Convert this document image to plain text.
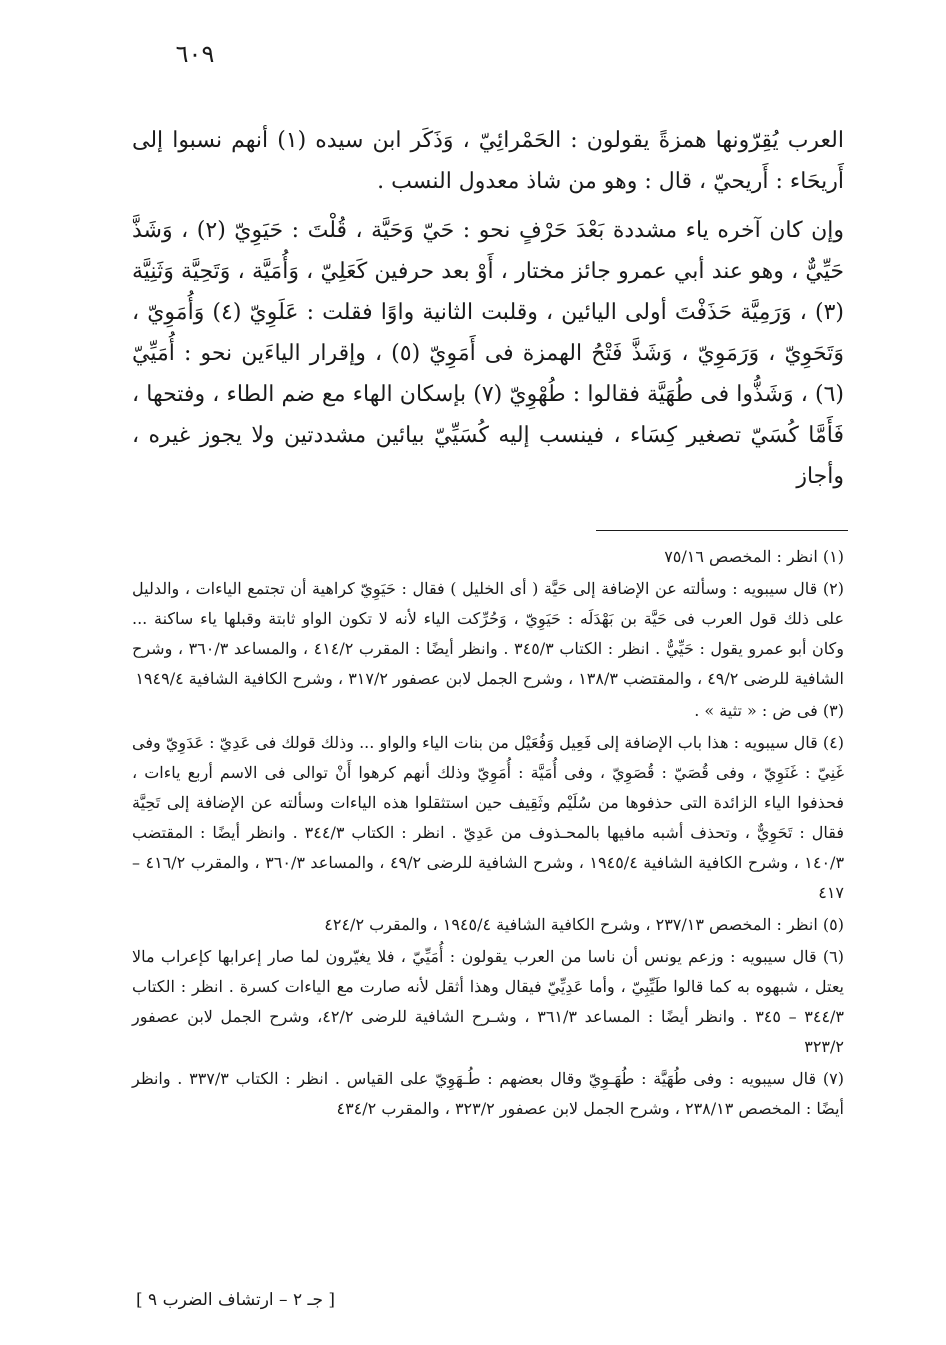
٦٠٩

العرب يُقِرّونها همزةً يقولون : الحَمْرائِيّ ، وَذَكَر ابن سيده (١) أنهم نسبوا إلى أَريحَاء : أَريحيّ ، قال : وهو من شاذ معدول النسب .

وإن كان آخره ياء مشددة بَعْدَ حَرْفٍ نحو : حَيّ وَحَيَّة ، قُلْتَ : حَيَوِيّ (٢) ، وَشَذَّ حَيِّيٌّ ، وهو عند أبي عمرو جائز مختار ، أَوْ بعد حرفين كَعَلِيّ ، وَأُمَيَّة ، وَتَحِيَّة وَثَنِيَّة (٣) ، وَرَمِيَّة حَذَفْتَ أولى اليائين ، وقلبت الثانية واوًا فقلت : عَلَوِيّ (٤) وَأُمَوِيّ ، وَتَحَوِيّ ، وَرَمَوِيّ ، وَشَذَّ فَتْحُ الهمزة فى أَمَوِيّ (٥) ، وإقرار الياءَين نحو : أُمَيِّيّ (٦) ، وَشَذُّوا فى طُهَيَّة فقالوا : طُهْوِيّ (٧) بإسكان الهاء مع ضم الطاء ، وفتحها ، فَأَمَّا كُسَيّ تصغير كِسَاء ، فينسب إليه كُسَيِّيّ بيائين مشددتين ولا يجوز غيره ، وأجاز

(١) انظر : المخصص ٧٥/١٦

(٢) قال سيبويه : وسألته عن الإضافة إلى حَيَّة ( أى الخليل ) فقال : حَيَوِيّ كراهية أن تجتمع الياءات ، والدليل على ذلك قول العرب فى حَيَّة بن بَهْدَلَه : حَيَوِيّ ، وَحُرِّكت الياء لأنه لا تكون الواو ثابتة وقبلها ياء ساكنة ... وكان أبو عمرو يقول : حَيِّيٌّ . انظر : الكتاب ٣٤٥/٣ . وانظر أيضًا : المقرب ٤١٤/٢ ، والمساعد ٣٦٠/٣ ، وشرح الشافية للرضى ٤٩/٢ ، والمقتضب ١٣٨/٣ ، وشرح الجمل لابن عصفور ٣١٧/٢ ، وشرح الكافية الشافية ١٩٤٩/٤

(٣) فى ض : « تثية » .

(٤) قال سيبويه : هذا باب الإضافة إلى فَعِيل وَفُعَيْل من بنات الياء والواو ... وذلك قولك فى عَدِيّ : عَدَوِيّ وفى غَنِيّ : غَنَوِيّ ، وفى قُصَيّ : قُصَوِيّ ، وفى أُمَيَّة : أُمَوِيّ وذلك أنهم كرهوا أَنْ توالى فى الاسم أربع ياءات ، فحذفوا الياء الزائدة التى حذفوها من سُلَيْم وثَقِيف حين استثقلوا هذه الياءات وسألته عن الإضافة إلى تَحِيَّة فقال : تَحَوِيٌّ ، وتحذف أشبه مافيها بالمحـذوف من عَدِيّ . انظر : الكتاب ٣٤٤/٣ . وانظر أيضًا : المقتضب ١٤٠/٣ ، وشرح الكافية الشافية ١٩٤٥/٤ ، وشرح الشافية للرضى ٤٩/٢ ، والمساعد ٣٦٠/٣ ، والمقرب ٤١٦/٢ – ٤١٧

(٥) انظر : المخصص ٢٣٧/١٣ ، وشرح الكافية الشافية ١٩٤٥/٤ ، والمقرب ٤٢٤/٢

(٦) قال سيبويه : وزعم يونس أن ناسا من العرب يقولون : أُمَيِّيّ ، فلا يغيّرون لما صار إعرابها كإعراب مالا يعتل ، شبهوه به كما قالوا طَيِّبِيّ ، وأما عَدِيِّيّ فيقال وهذا أثقل لأنه صارت مع الياءات كسرة . انظر : الكتاب ٣٤٤/٣ – ٣٤٥ . وانظر أيضًا : المساعد ٣٦١/٣ ، وشـرح الشافية للرضى ٤٢/٢، وشرح الجمل لابن عصفور ٣٢٣/٢

(٧) قال سيبويه : وفى طُهَيَّة : طُهَـوِيّ وقال بعضهم : طُـهَوِيّ على القياس . انظر : الكتاب ٣٣٧/٣ . وانظر أيضًا : المخصص ٢٣٨/١٣ ، وشرح الجمل لابن عصفور ٣٢٣/٢ ، والمقرب ٤٣٤/٢

[ جـ ٢ – ارتشاف الضرب ٩ ]
